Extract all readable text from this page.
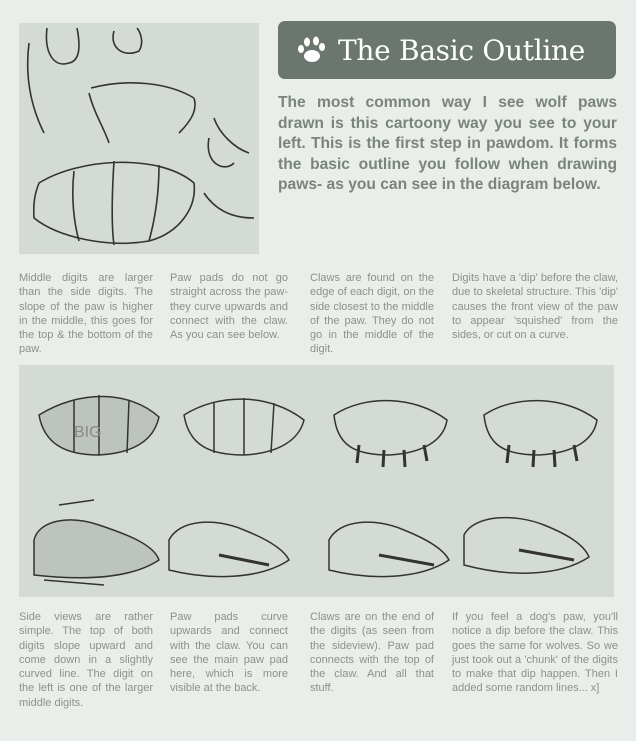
The Basic Outline
The most common way I see wolf paws drawn is this cartoony way you see to your left. This is the first step in pawdom. It forms the basic outline you follow when drawing paws- as you can see in the diagram below.
Middle digits are larger than the side digits. The slope of the paw is higher in the middle, this goes for the top & the bottom of the paw.
Paw pads do not go straight across the paw- they curve upwards and connect with the claw. As you can see below.
Claws are found on the edge of each digit, on the side closest to the middle of the paw. They do not go in the middle of the digit.
Digits have a 'dip' before the claw, due to skeletal structure. This 'dip' causes the front view of the paw to appear 'squished' from the sides, or cut on a curve.
BIG
Side views are rather simple. The top of both digits slope upward and come down in a slightly curved line. The digit on the left is one of the larger middle digits.
Paw pads curve upwards and connect with the claw. You can see the main paw pad here, which is more visible at the back.
Claws are on the end of the digits (as seen from the sideview). Paw pad connects with the top of the claw. And all that stuff.
If you feel a dog's paw, you'll notice a dip before the claw. This goes the same for wolves. So we just took out a 'chunk' of the digits to make that dip happen. Then I added some random lines... x]
